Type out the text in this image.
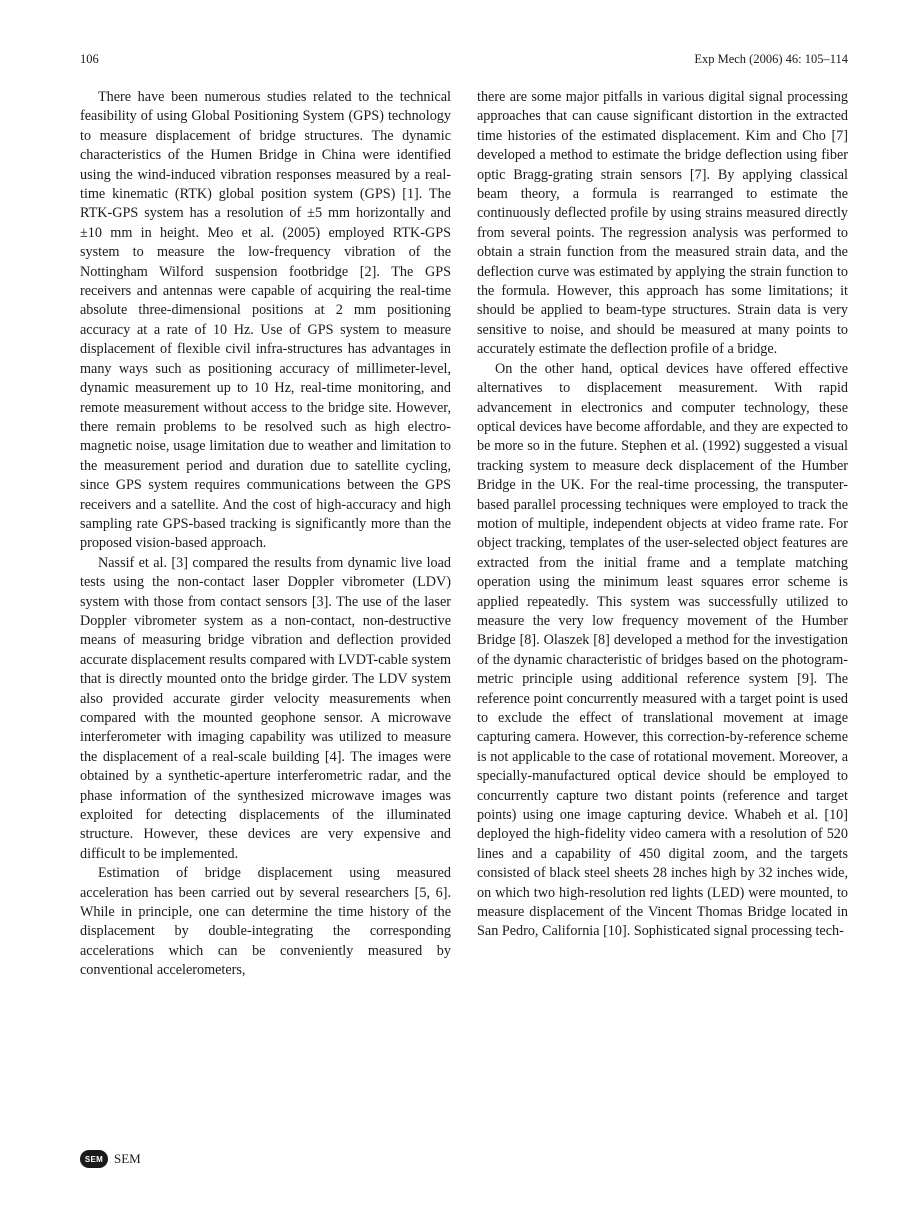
106	Exp Mech (2006) 46: 105–114

There have been numerous studies related to the technical feasibility of using Global Positioning System (GPS) technology to measure displacement of bridge structures. The dynamic characteristics of the Humen Bridge in China were identified using the wind-induced vibration responses measured by a real-time kinematic (RTK) global position system (GPS) [1]. The RTK-GPS system has a resolution of ±5 mm horizontally and ±10 mm in height. Meo et al. (2005) employed RTK-GPS system to measure the low-frequency vibration of the Nottingham Wilford suspension footbridge [2]. The GPS receivers and antennas were capable of acquiring the real-time absolute three-dimensional positions at 2 mm positioning accuracy at a rate of 10 Hz. Use of GPS system to measure displacement of flexible civil infra-structures has advantages in many ways such as positioning accuracy of millimeter-level, dynamic measurement up to 10 Hz, real-time monitoring, and remote measurement without access to the bridge site. However, there remain problems to be resolved such as high electro-magnetic noise, usage limitation due to weather and limitation to the measurement period and duration due to satellite cycling, since GPS system requires communications between the GPS receivers and a satellite. And the cost of high-accuracy and high sampling rate GPS-based tracking is significantly more than the proposed vision-based approach.

Nassif et al. [3] compared the results from dynamic live load tests using the non-contact laser Doppler vibrometer (LDV) system with those from contact sensors [3]. The use of the laser Doppler vibrometer system as a non-contact, non-destructive means of measuring bridge vibration and deflection provided accurate displacement results compared with LVDT-cable system that is directly mounted onto the bridge girder. The LDV system also provided accurate girder velocity measurements when compared with the mounted geophone sensor. A microwave interferometer with imaging capability was utilized to measure the displacement of a real-scale building [4]. The images were obtained by a synthetic-aperture interferometric radar, and the phase information of the synthesized microwave images was exploited for detecting displacements of the illuminated structure. However, these devices are very expensive and difficult to be implemented.

Estimation of bridge displacement using measured acceleration has been carried out by several researchers [5, 6]. While in principle, one can determine the time history of the displacement by double-integrating the corresponding accelerations which can be conveniently measured by conventional accelerometers,

there are some major pitfalls in various digital signal processing approaches that can cause significant distortion in the extracted time histories of the estimated displacement. Kim and Cho [7] developed a method to estimate the bridge deflection using fiber optic Bragg-grating strain sensors [7]. By applying classical beam theory, a formula is rearranged to estimate the continuously deflected profile by using strains measured directly from several points. The regression analysis was performed to obtain a strain function from the measured strain data, and the deflection curve was estimated by applying the strain function to the formula. However, this approach has some limitations; it should be applied to beam-type structures. Strain data is very sensitive to noise, and should be measured at many points to accurately estimate the deflection profile of a bridge.

On the other hand, optical devices have offered effective alternatives to displacement measurement. With rapid advancement in electronics and computer technology, these optical devices have become affordable, and they are expected to be more so in the future. Stephen et al. (1992) suggested a visual tracking system to measure deck displacement of the Humber Bridge in the UK. For the real-time processing, the transputer-based parallel processing techniques were employed to track the motion of multiple, independent objects at video frame rate. For object tracking, templates of the user-selected object features are extracted from the initial frame and a template matching operation using the minimum least squares error scheme is applied repeatedly. This system was successfully utilized to measure the very low frequency movement of the Humber Bridge [8]. Olaszek [8] developed a method for the investigation of the dynamic characteristic of bridges based on the photogram-metric principle using additional reference system [9]. The reference point concurrently measured with a target point is used to exclude the effect of translational movement at image capturing camera. However, this correction-by-reference scheme is not applicable to the case of rotational movement. Moreover, a specially-manufactured optical device should be employed to concurrently capture two distant points (reference and target points) using one image capturing device. Whabeh et al. [10] deployed the high-fidelity video camera with a resolution of 520 lines and a capability of 450 digital zoom, and the targets consisted of black steel sheets 28 inches high by 32 inches wide, on which two high-resolution red lights (LED) were mounted, to measure displacement of the Vincent Thomas Bridge located in San Pedro, California [10]. Sophisticated signal processing tech-

SEM SEM
